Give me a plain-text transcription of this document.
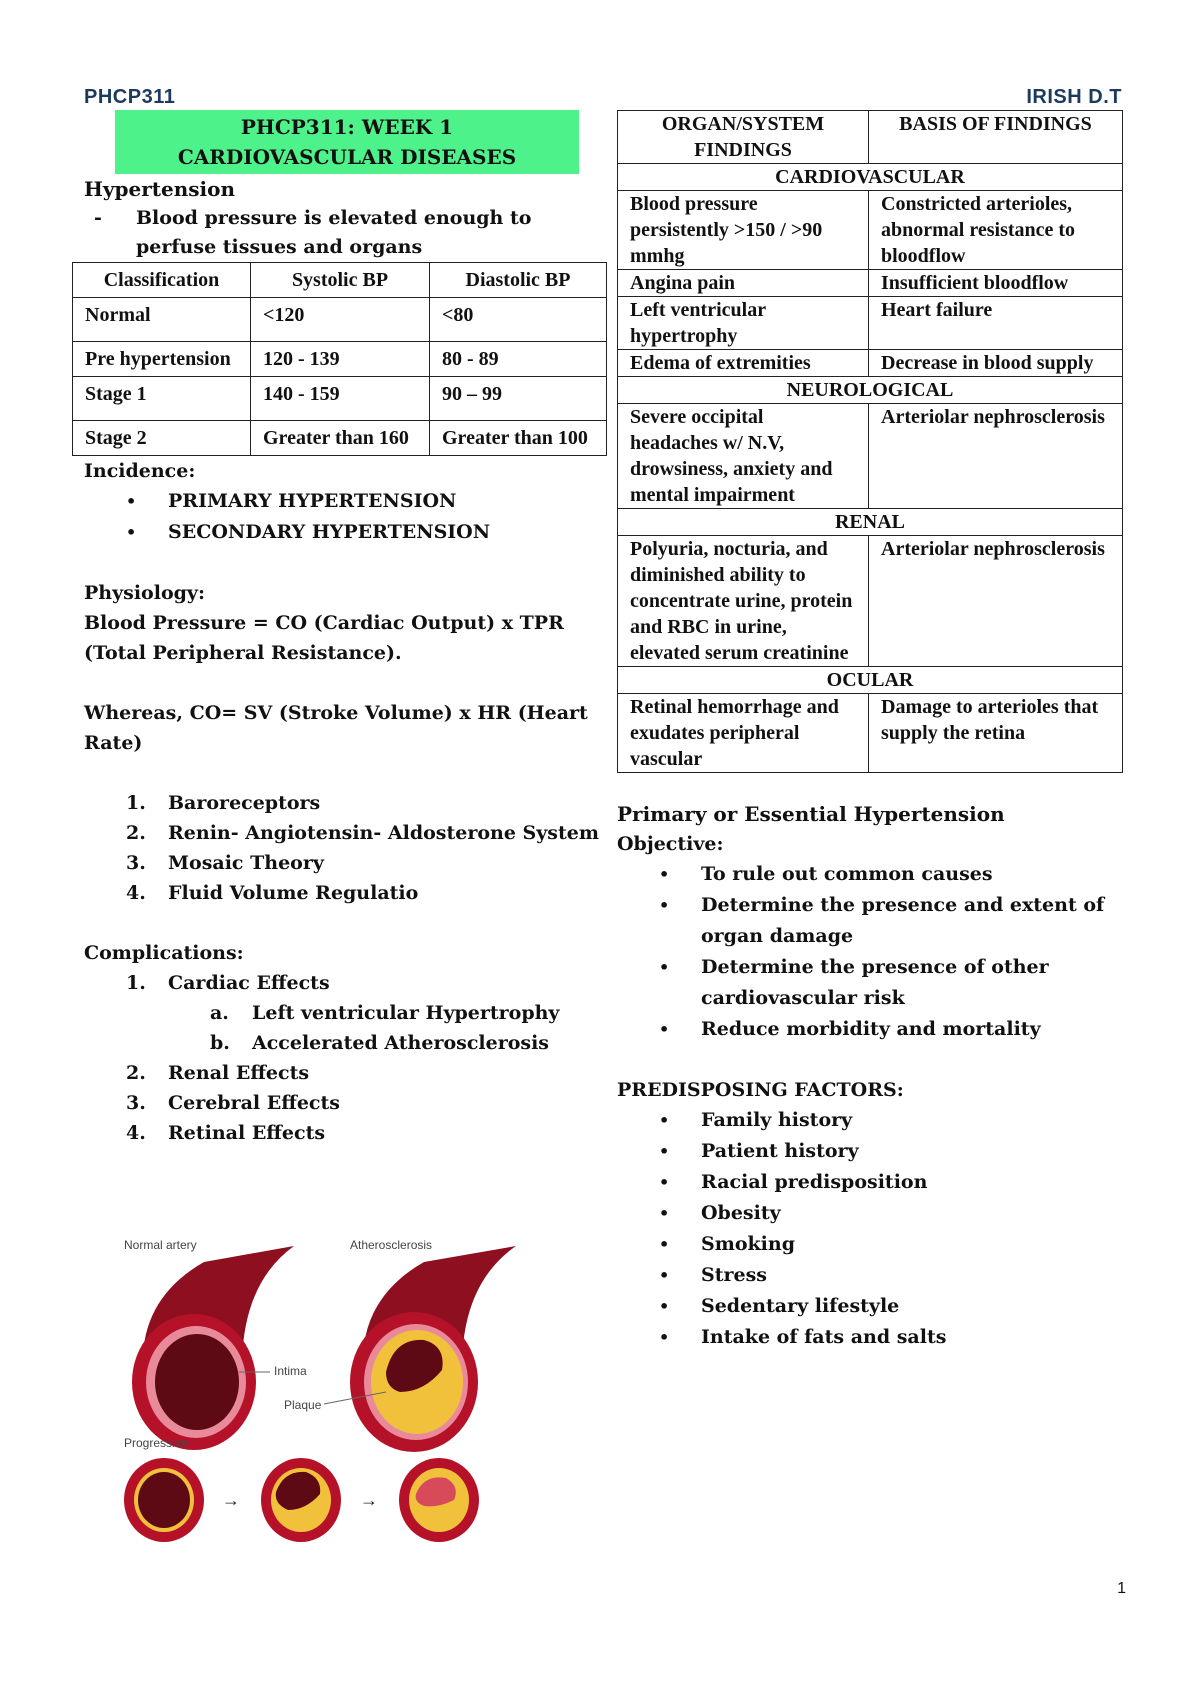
PHCP311	IRISH D.T
PHCP311: WEEK 1
CARDIOVASCULAR DISEASES

Hypertension

-	Blood pressure is elevated enough to perfuse tissues and organs
Classification	Systolic BP	Diastolic BP
Normal	<120	<80
Pre hypertension	120 - 139	80 - 89
Stage 1	140 - 159	90 – 99
Stage 2	Greater than 160	Greater than 100

Incidence:

•	PRIMARY HYPERTENSION
•	SECONDARY HYPERTENSION

Physiology:

Blood Pressure = CO (Cardiac Output) x TPR (Total Peripheral Resistance).

Whereas, CO= SV (Stroke Volume) x HR (Heart Rate)

1.	Baroreceptors
2.	Renin- Angiotensin- Aldosterone System
3.	Mosaic Theory
4.	Fluid Volume Regulatio

Complications:

1.	Cardiac Effects
a.	Left ventricular Hypertrophy
b.	Accelerated Atherosclerosis
2.	Renal Effects
3.	Cerebral Effects
4.	Retinal Effects
Normal artery	Atherosclerosis
Intima
Plaque
Progression
→	→
ORGAN/SYSTEM FINDINGS	BASIS OF FINDINGS
CARDIOVASCULAR	
Blood pressure persistently >150 / >90 mmhg	Constricted arterioles, abnormal resistance to bloodflow
Angina pain	Insufficient bloodflow
Left ventricular hypertrophy	Heart failure
Edema of extremities	Decrease in blood supply
NEUROLOGICAL	
Severe occipital headaches w/ N.V, drowsiness, anxiety and mental impairment	Arteriolar nephrosclerosis
RENAL	
Polyuria, nocturia, and diminished ability to concentrate urine, protein and RBC in urine, elevated serum creatinine	Arteriolar nephrosclerosis
OCULAR	
Retinal hemorrhage and exudates peripheral vascular	Damage to arterioles that supply the retina

Primary or Essential Hypertension

Objective:

•	To rule out common causes
•	Determine the presence and extent of organ damage
•	Determine the presence of other cardiovascular risk
•	Reduce morbidity and mortality

PREDISPOSING FACTORS:

•	Family history
•	Patient history
•	Racial predisposition
•	Obesity
•	Smoking
•	Stress
•	Sedentary lifestyle
•	Intake of fats and salts
1
